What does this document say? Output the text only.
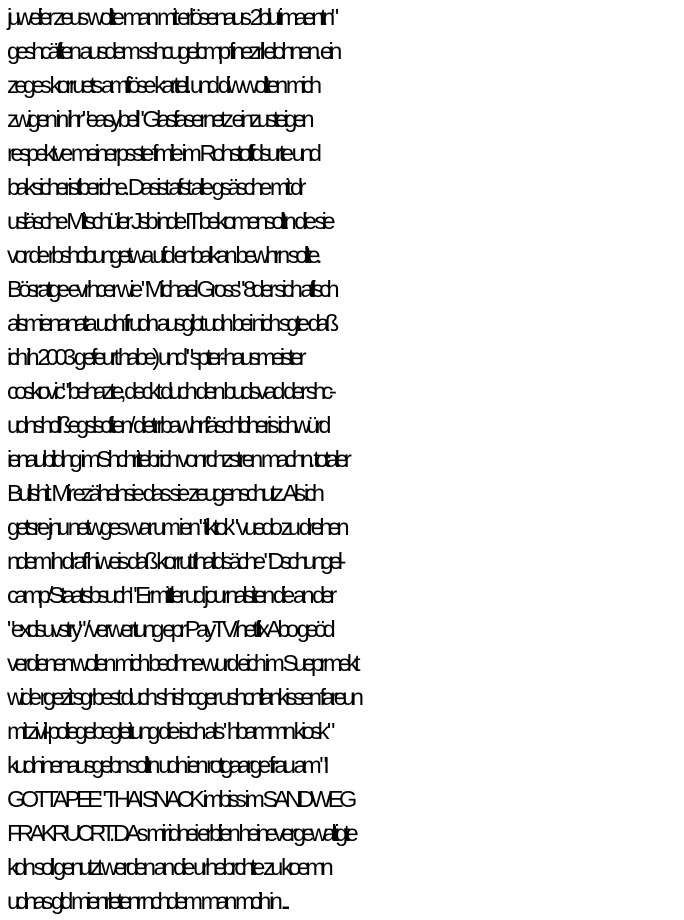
juwelier zeus wollte man mit erlösenaus 2blutimaentn"
geshcäften ausdem sshcugelcmp finezrll elohnen. ein
zeges korruets amfiöse kartell. und diw wollten mich
zwigen in ihr "easybell" Glasfasernetz einzusteigen
respektve meinerpsste fmile im Rohstoffdsurte und
baksicheristberiche. Dasist afst alle gsäsche mit dr
usläsche Mitschüler Jsb inde IT bekomensolltn die sie
vor de rbshcibungetwa ufd enbalkan bewhrn sollte.
Bösratge evrhcer wie "Michael Gross" 8der sich aflsch
alsmienanata udn frudn ausgibt udn bei nich sgte daß
ich ih 2003 gefeurt habe) und "spter-hausmeister
coskovic" behazte, deckt duch den budsvad der shc-
udnshclißegslscften/ dietrrbawhr fäschlciheris ichwürd
ienaubildng imShchritebrich vonrchzstren machn. totaler
Bullshit. Mir ezähelnsie das sie zeugenschutz. Als ich
getsre jnu netwges war um ien "tiktok" vuedo zu drehen
ndem ih draf hiweis daß korrut thaildsäche "Dschungel-
camp/Staatsbsuch" Ermittler ud journalsiten die an der
"exclsuvstry" / verwertung epr PayTV/netflix Abo geöd
verdienen wollen mich bedhne wurd eich im Sueprmekt
wide rgezit sgrbest duch shishcger ushcnllankissen fareun
mit zivil-poliegebegleitung die isch als "hbammn kiosk "
kudninenausgebn solltn udn ien rotgaarge frau am "I
GOTTA PEE" THAI SNACK imbiss im SANDWEG
FRAKRUCRT. DAs mir idnei erblien heinevergewaltigte
kdn soll genutzt werden an die urhebrchte zu koemn
udnas gld mienrletenr nchdem man mcih in ...
